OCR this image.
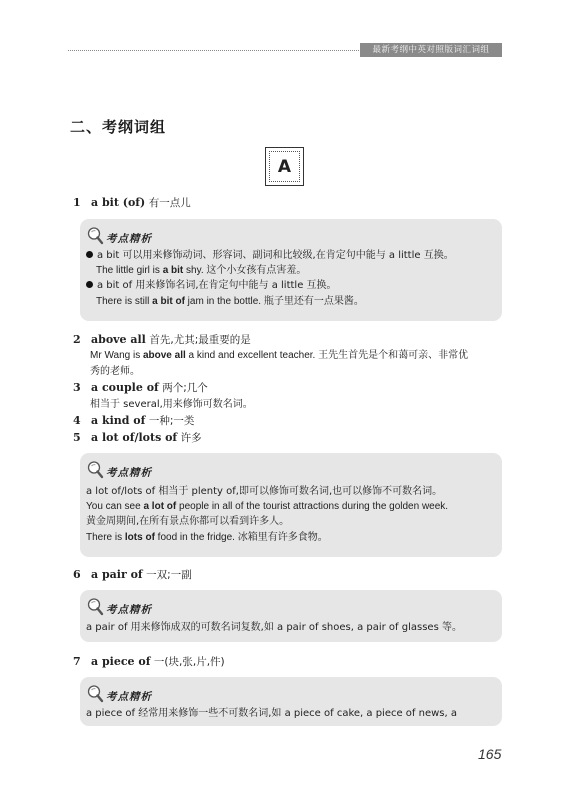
最新考纲中英对照版词汇词组
二、考纲词组
A
1 a bit (of) 有一点儿
考点精析
a bit 可以用来修饰动词、形容词、副词和比较级,在肯定句中能与 a little 互换。
The little girl is a bit shy. 这个小女孩有点害羞。
a bit of 用来修饰名词,在肯定句中能与 a little 互换。
There is still a bit of jam in the bottle. 瓶子里还有一点果酱。
2 above all 首先,尤其;最重要的是
Mr Wang is above all a kind and excellent teacher. 王先生首先是个和蔼可亲、非常优
秀的老师。
3 a couple of 两个;几个
相当于 several,用来修饰可数名词。
4 a kind of 一种;一类
5 a lot of/lots of 许多
考点精析
a lot of/lots of 相当于 plenty of,即可以修饰可数名词,也可以修饰不可数名词。
You can see a lot of people in all of the tourist attractions during the golden week.
黄金周期间,在所有景点你都可以看到许多人。
There is lots of food in the fridge. 冰箱里有许多食物。
6 a pair of 一双;一副
考点精析
a pair of 用来修饰成双的可数名词复数,如 a pair of shoes, a pair of glasses 等。
7 a piece of 一(块,张,片,件)
考点精析
a piece of 经常用来修饰一些不可数名词,如 a piece of cake, a piece of news, a
165
